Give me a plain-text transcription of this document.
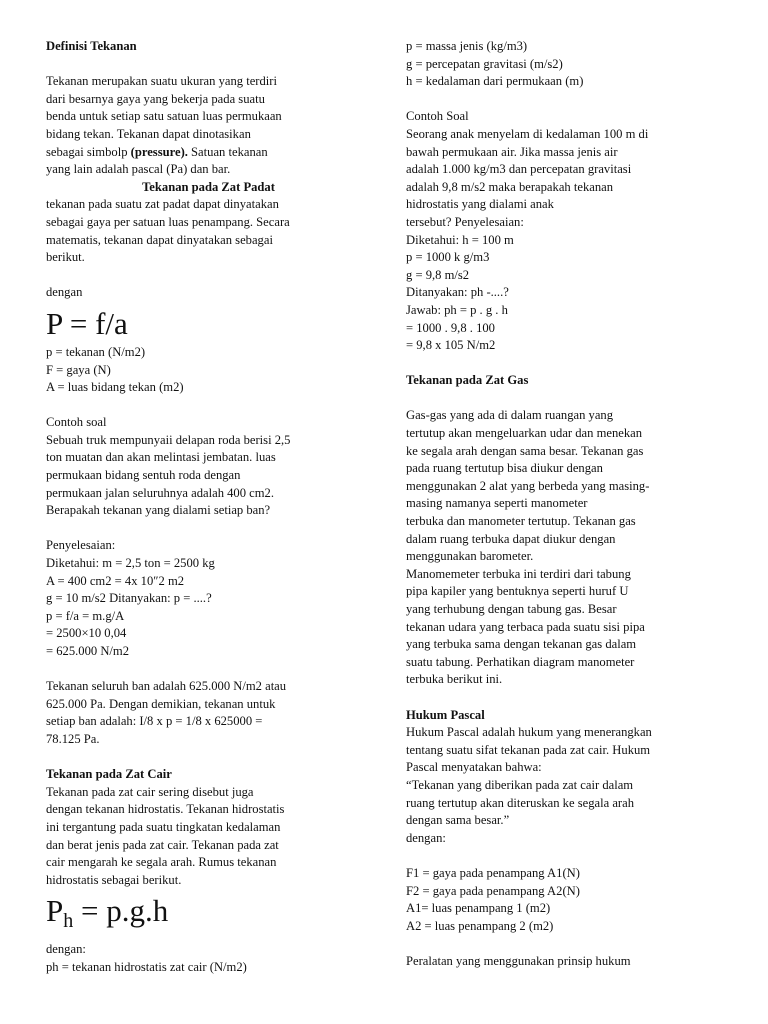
Definisi Tekanan
Tekanan merupakan suatu ukuran yang terdiri
dari besarnya gaya yang bekerja pada suatu
benda untuk setiap satu satuan luas permukaan
bidang tekan. Tekanan dapat dinotasikan
sebagai simbolp (pressure). Satuan tekanan
yang lain adalah pascal (Pa) dan bar.
Tekanan pada Zat Padat
tekanan pada suatu zat padat dapat dinyatakan
sebagai gaya per satuan luas penampang. Secara
matematis, tekanan dapat dinyatakan sebagai
berikut.
dengan
P = f/a
p = tekanan (N/m2)
F = gaya (N)
A = luas bidang tekan (m2)
Contoh soal
Sebuah truk mempunyaii delapan roda berisi 2,5
ton muatan dan akan melintasi jembatan. luas
permukaan bidang sentuh roda dengan
permukaan jalan seluruhnya adalah 400 cm2.
Berapakah tekanan yang dialami setiap ban?
Penyelesaian:
Diketahui: m = 2,5 ton = 2500 kg
A = 400 cm2 = 4x 10″2 m2
g = 10 m/s2 Ditanyakan: p = ....?
p = f/a = m.g/A
= 2500×10 0,04
= 625.000 N/m2
Tekanan seluruh ban adalah 625.000 N/m2 atau
625.000 Pa. Dengan demikian, tekanan untuk
setiap ban adalah: I/8 x p = 1/8 x 625000 =
78.125 Pa.
Tekanan pada Zat Cair
Tekanan pada zat cair sering disebut juga
dengan tekanan hidrostatis. Tekanan hidrostatis
ini tergantung pada suatu tingkatan kedalaman
dan berat jenis pada zat cair. Tekanan pada zat
cair mengarah ke segala arah. Rumus tekanan
hidrostatis sebagai berikut.
$P_h = p.g.h$
dengan:
ph = tekanan hidrostatis zat cair (N/m2)
p = massa jenis (kg/m3)
g = percepatan gravitasi (m/s2)
h = kedalaman dari permukaan (m)
Contoh Soal
Seorang anak menyelam di kedalaman 100 m di
bawah permukaan air. Jika massa jenis air
adalah 1.000 kg/m3 dan percepatan gravitasi
adalah 9,8 m/s2 maka berapakah tekanan
hidrostatis yang dialami anak
tersebut? Penyelesaian:
Diketahui: h = 100 m
p = 1000 k g/m3
g = 9,8 m/s2
Ditanyakan: ph -....?
Jawab: ph = p . g . h
= 1000 . 9,8 . 100
= 9,8 x 105 N/m2
Tekanan pada Zat Gas
Gas-gas yang ada di dalam ruangan yang
tertutup akan mengeluarkan udar dan menekan
ke segala arah dengan sama besar. Tekanan gas
pada ruang tertutup bisa diukur dengan
menggunakan 2 alat yang berbeda yang masing-
masing namanya seperti manometer
terbuka dan manometer tertutup. Tekanan gas
dalam ruang terbuka dapat diukur dengan
menggunakan barometer.
Manomemeter terbuka ini terdiri dari tabung
pipa kapiler yang bentuknya seperti huruf U
yang terhubung dengan tabung gas. Besar
tekanan udara yang terbaca pada suatu sisi pipa
yang terbuka sama dengan tekanan gas dalam
suatu tabung. Perhatikan diagram manometer
terbuka berikut ini.
Hukum Pascal
Hukum Pascal adalah hukum yang menerangkan
tentang suatu sifat tekanan pada zat cair. Hukum
Pascal menyatakan bahwa:
“Tekanan yang diberikan pada zat cair dalam
ruang tertutup akan diteruskan ke segala arah
dengan sama besar.”
dengan:
F1 = gaya pada penampang A1(N)
F2 = gaya pada penampang A2(N)
A1= luas penampang 1 (m2)
A2 = luas penampang 2 (m2)
Peralatan yang menggunakan prinsip hukum
